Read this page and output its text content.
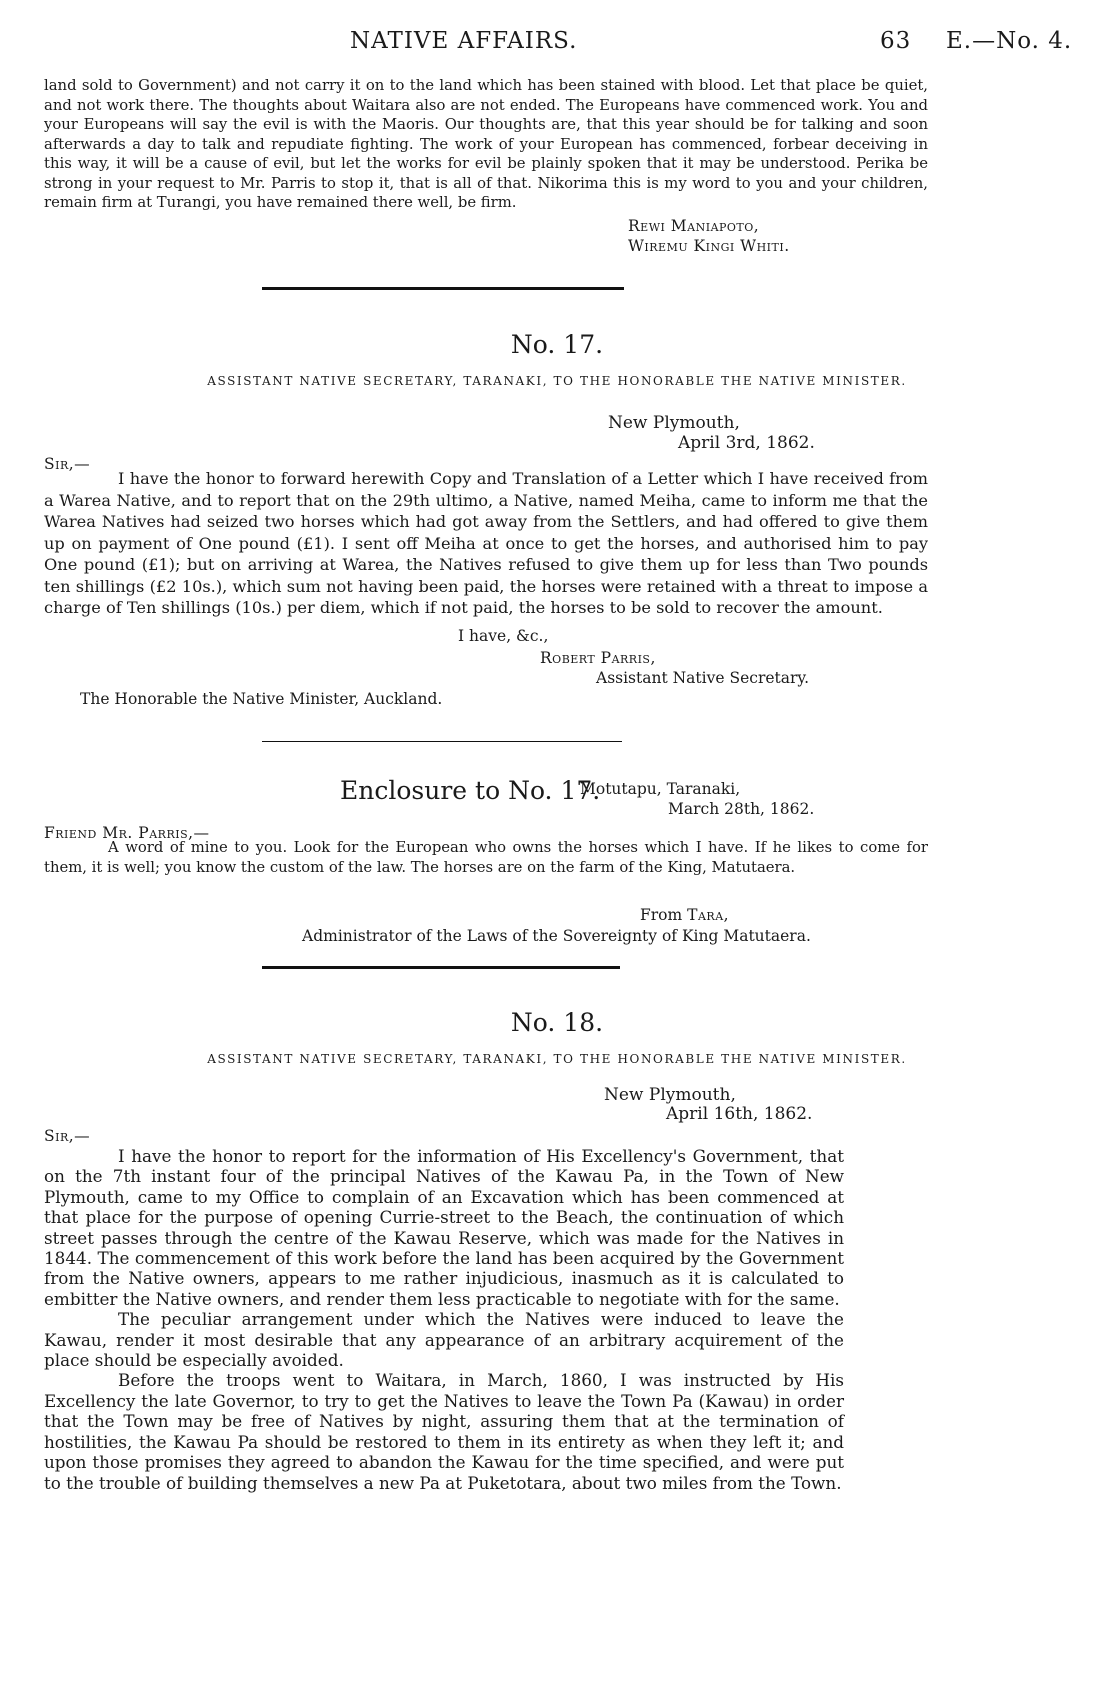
NATIVE AFFAIRS.	63 E.—No. 4.

land sold to Government) and not carry it on to the land which has been stained with blood. Let that place be quiet, and not work there. The thoughts about Waitara also are not ended. The Europeans have commenced work. You and your Europeans will say the evil is with the Maoris. Our thoughts are, that this year should be for talking and soon afterwards a day to talk and repudiate fighting. The work of your European has commenced, forbear deceiving in this way, it will be a cause of evil, but let the works for evil be plainly spoken that it may be understood. Perika be strong in your request to Mr. Parris to stop it, that is all of that. Nikorima this is my word to you and your children, remain firm at Turangi, you have remained there well, be firm.

Rewi Maniapoto,
Wiremu Kingi Whiti.
No. 17.
ASSISTANT NATIVE SECRETARY, TARANAKI, TO THE HONORABLE THE NATIVE MINISTER.
New Plymouth,
April 3rd, 1862.
Sir,—

I have the honor to forward herewith Copy and Translation of a Letter which I have received from a Warea Native, and to report that on the 29th ultimo, a Native, named Meiha, came to inform me that the Warea Natives had seized two horses which had got away from the Settlers, and had offered to give them up on payment of One pound (£1). I sent off Meiha at once to get the horses, and authorised him to pay One pound (£1); but on arriving at Warea, the Natives refused to give them up for less than Two pounds ten shillings (£2 10s.), which sum not having been paid, the horses were retained with a threat to impose a charge of Ten shillings (10s.) per diem, which if not paid, the horses to be sold to recover the amount.

I have, &c.,
Robert Parris,
Assistant Native Secretary.
The Honorable the Native Minister, Auckland.
Enclosure to No. 17.
Motutapu, Taranaki,
March 28th, 1862.
Friend Mr. Parris,—

A word of mine to you. Look for the European who owns the horses which I have. If he likes to come for them, it is well; you know the custom of the law. The horses are on the farm of the King, Matutaera.

From Tara,
Administrator of the Laws of the Sovereignty of King Matutaera.
No. 18.
ASSISTANT NATIVE SECRETARY, TARANAKI, TO THE HONORABLE THE NATIVE MINISTER.
New Plymouth,
April 16th, 1862.
Sir,—

I have the honor to report for the information of His Excellency's Government, that on the 7th instant four of the principal Natives of the Kawau Pa, in the Town of New Plymouth, came to my Office to complain of an Excavation which has been commenced at that place for the purpose of opening Currie-street to the Beach, the continuation of which street passes through the centre of the Kawau Reserve, which was made for the Natives in 1844. The commencement of this work before the land has been acquired by the Government from the Native owners, appears to me rather injudicious, inasmuch as it is calculated to embitter the Native owners, and render them less practicable to negotiate with for the same.

The peculiar arrangement under which the Natives were induced to leave the Kawau, render it most desirable that any appearance of an arbitrary acquirement of the place should be especially avoided.

Before the troops went to Waitara, in March, 1860, I was instructed by His Excellency the late Governor, to try to get the Natives to leave the Town Pa (Kawau) in order that the Town may be free of Natives by night, assuring them that at the termination of hostilities, the Kawau Pa should be restored to them in its entirety as when they left it; and upon those promises they agreed to abandon the Kawau for the time specified, and were put to the trouble of building themselves a new Pa at Puketotara, about two miles from the Town.
